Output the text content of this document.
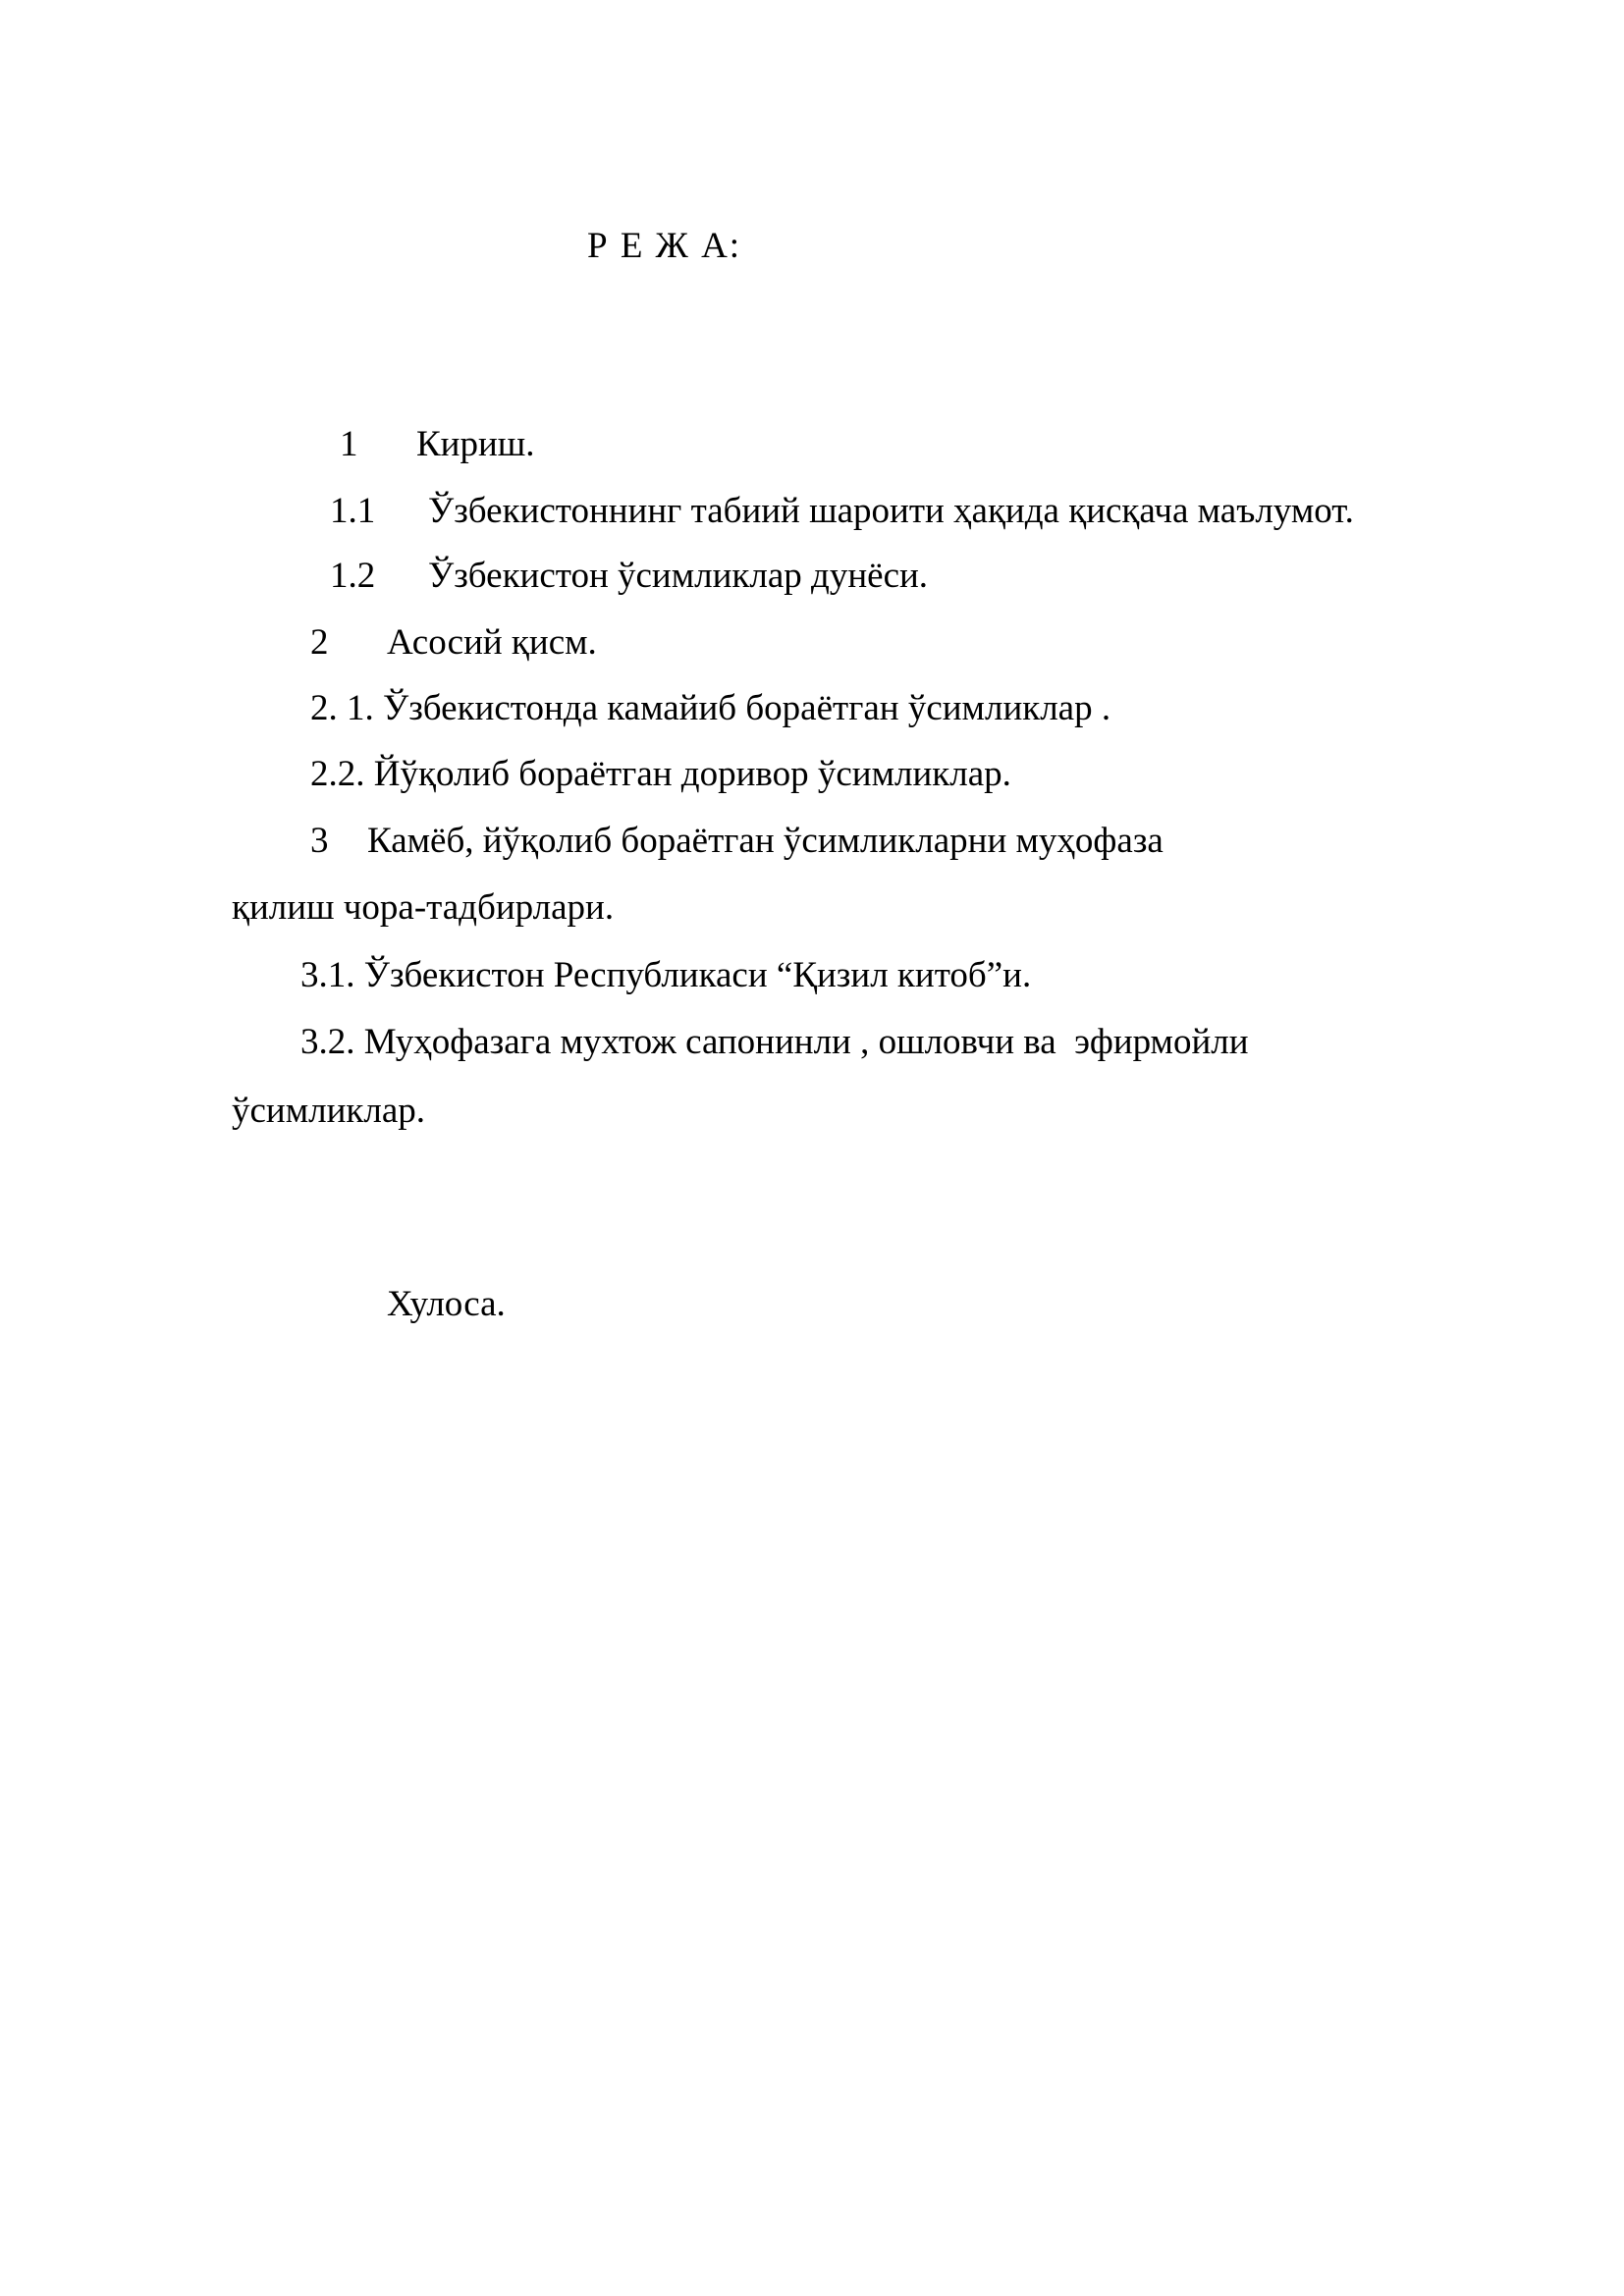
Р Е Ж А:
1 Кириш.
1.1 Ўзбекистоннинг табиий шароити ҳақида қисқача маълумот.
1.2 Ўзбекистон ўсимликлар дунёси.
2 Асосий қисм.
2. 1. Ўзбекистонда камайиб бораётган ўсимликлар .
2.2. Йўқолиб бораётган доривор ўсимликлар.
3 Камёб, йўқолиб бораётган ўсимликларни муҳофаза
қилиш чора-тадбирлари.
3.1. Ўзбекистон Республикаси “Қизил китоб”и.
3.2. Муҳофазага мухтож сапонинли , ошловчи ва  эфирмойли
ўсимликлар.
Хулоса.
